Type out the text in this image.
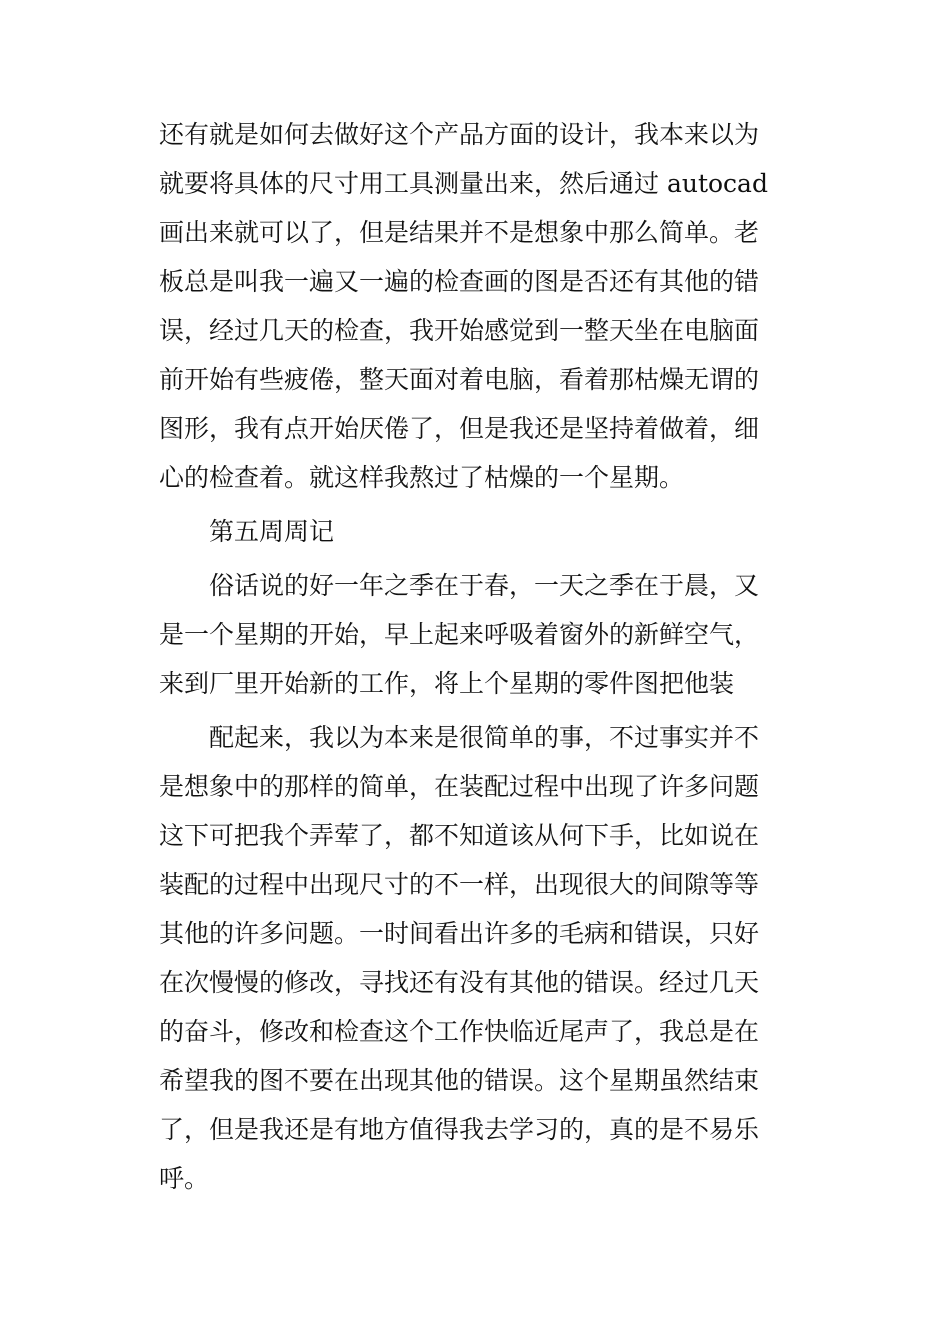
还有就是如何去做好这个产品方面的设计，我本来以为
就要将具体的尺寸用工具测量出来，然后通过 autocad
画出来就可以了，但是结果并不是想象中那么简单。老
板总是叫我一遍又一遍的检查画的图是否还有其他的错
误，经过几天的检查，我开始感觉到一整天坐在电脑面
前开始有些疲倦，整天面对着电脑，看着那枯燥无谓的
图形，我有点开始厌倦了，但是我还是坚持着做着，细
心的检查着。就这样我熬过了枯燥的一个星期。
第五周周记
俗话说的好一年之季在于春，一天之季在于晨，又
是一个星期的开始，早上起来呼吸着窗外的新鲜空气，
来到厂里开始新的工作，将上个星期的零件图把他装
配起来，我以为本来是很简单的事，不过事实并不
是想象中的那样的简单，在装配过程中出现了许多问题
这下可把我个弄荤了，都不知道该从何下手，比如说在
装配的过程中出现尺寸的不一样，出现很大的间隙等等
其他的许多问题。一时间看出许多的毛病和错误，只好
在次慢慢的修改，寻找还有没有其他的错误。经过几天
的奋斗，修改和检查这个工作快临近尾声了，我总是在
希望我的图不要在出现其他的错误。这个星期虽然结束
了，但是我还是有地方值得我去学习的，真的是不易乐
呼。
